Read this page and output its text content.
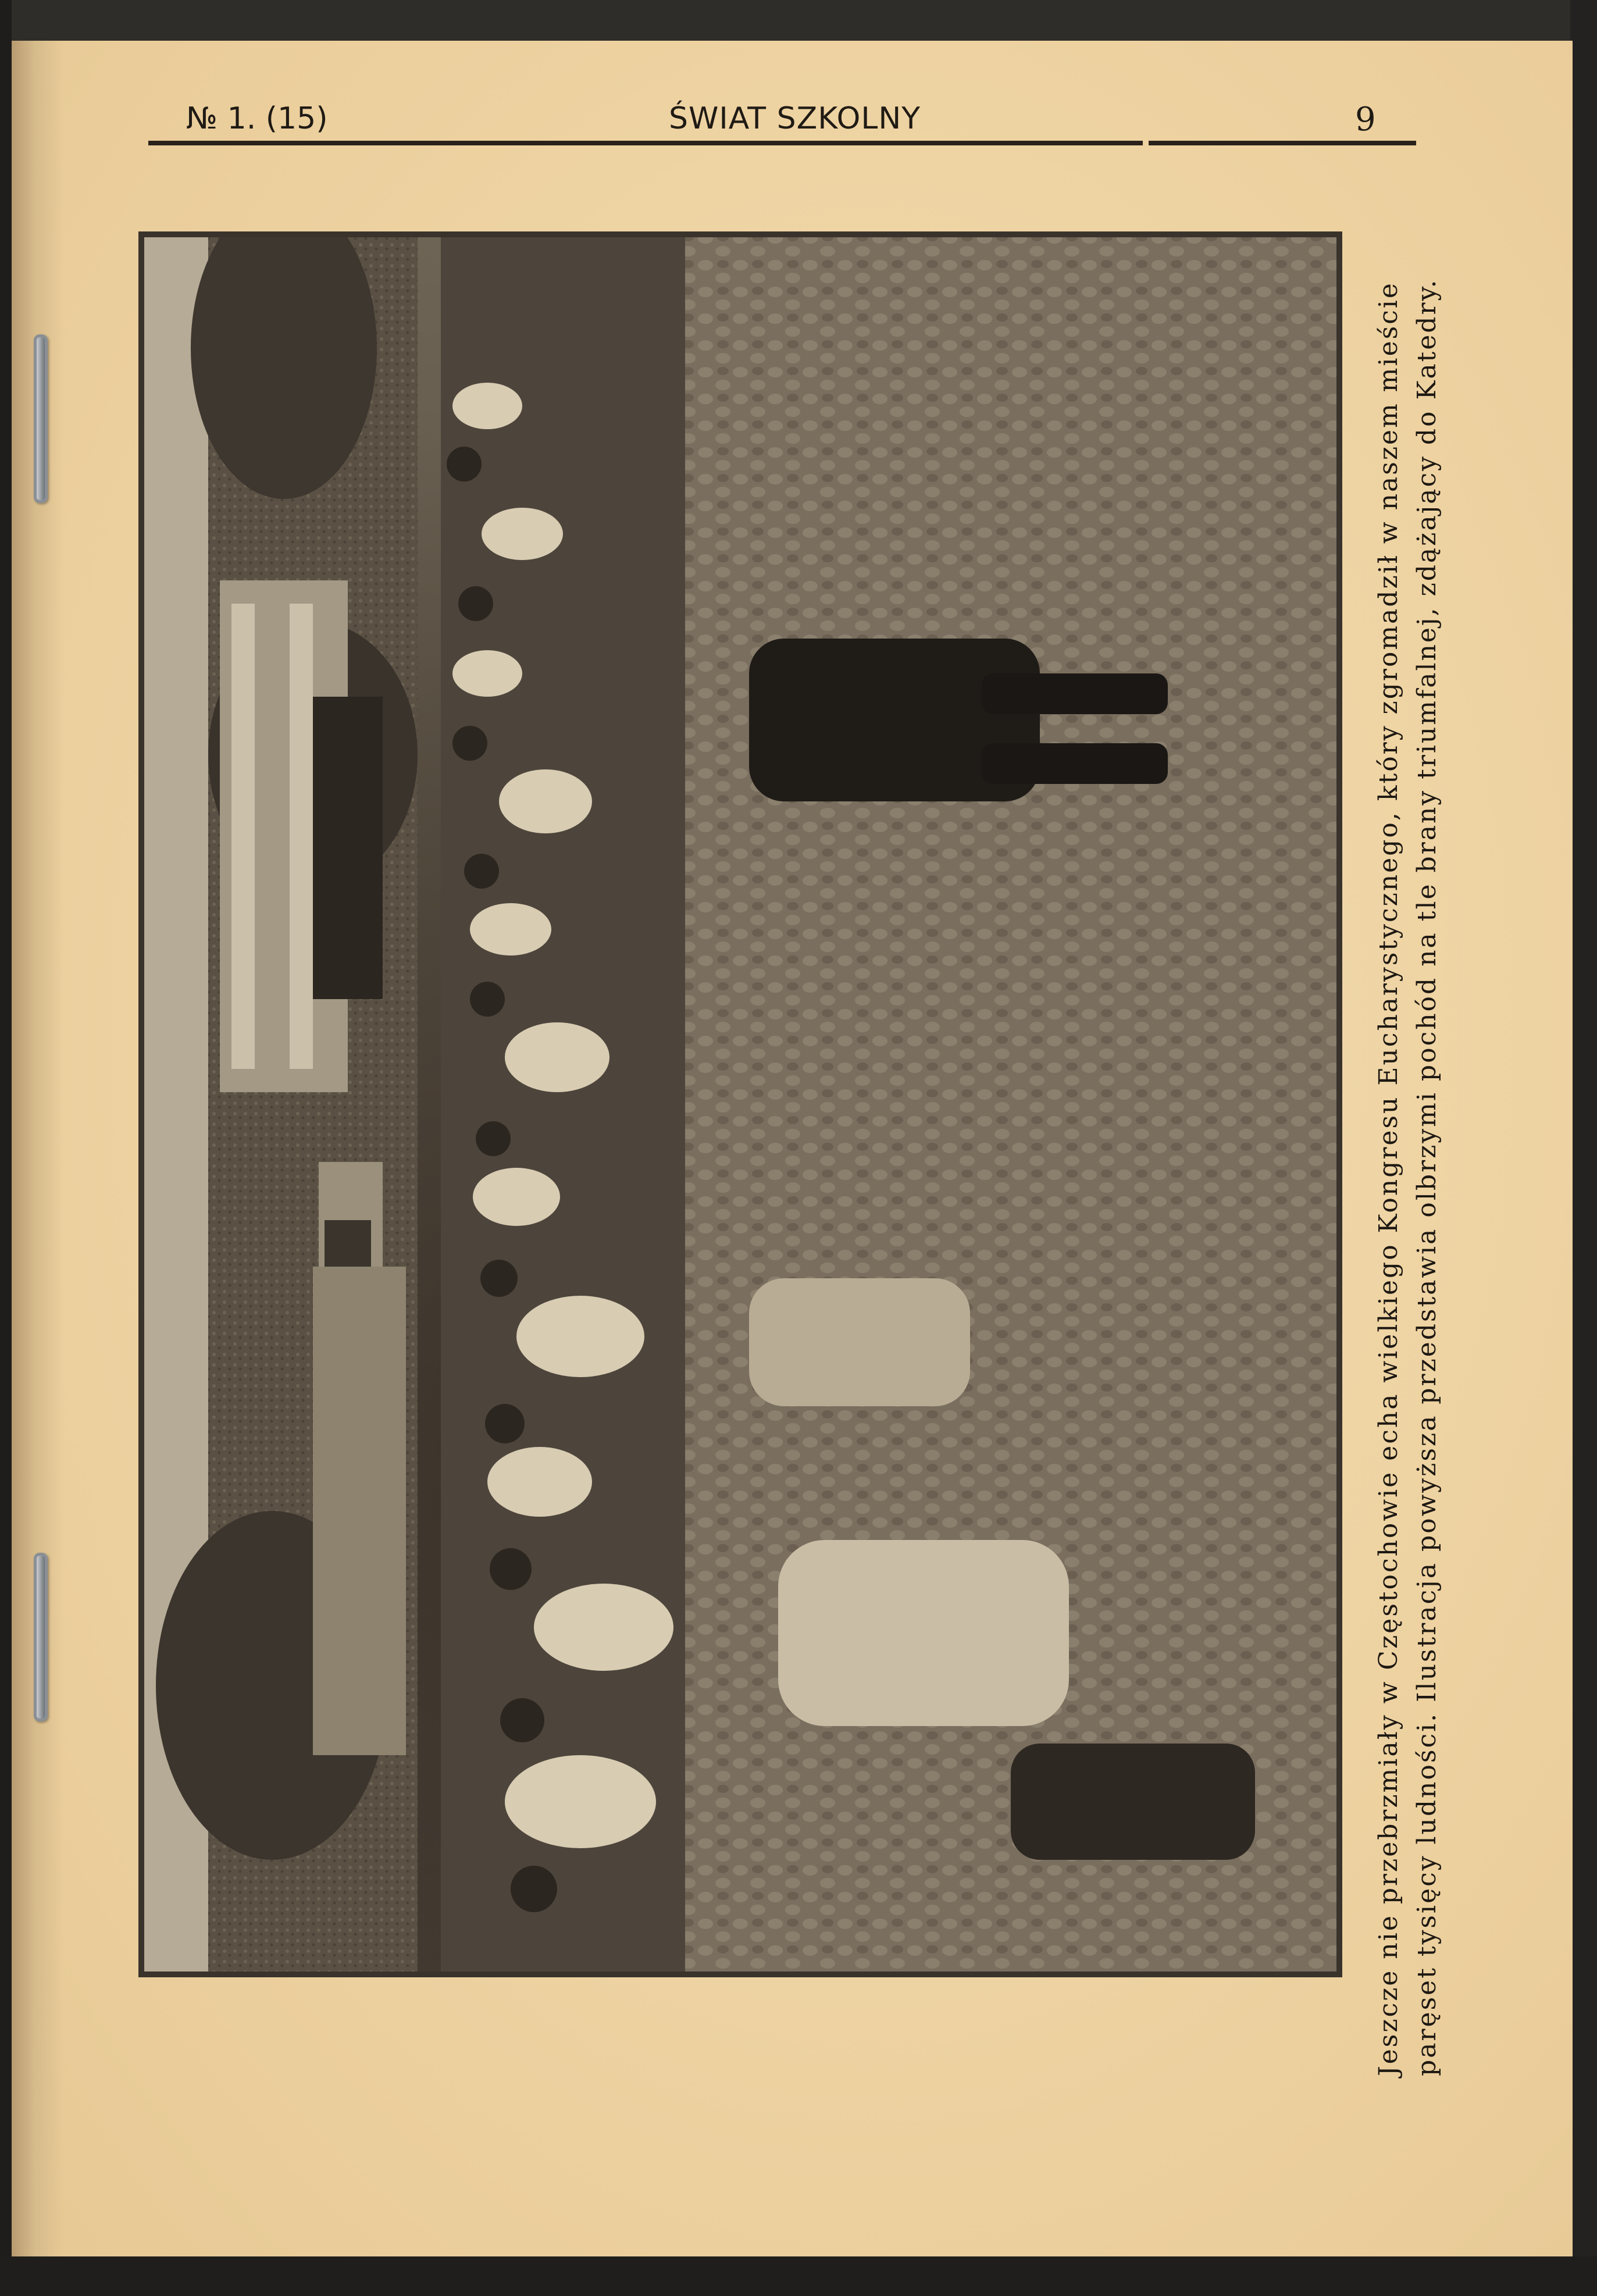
№ 1. (15)	ŚWIAT SZKOLNY	9
Jeszcze nie przebrzmiały w Częstochowie echa wielkiego Kongresu Eucharystycznego, który zgromadził w naszem mieście paręset tysięcy ludności. Ilustracja powyższa przedstawia olbrzymi pochód na tle brany triumfalnej, zdążający do Katedry.
